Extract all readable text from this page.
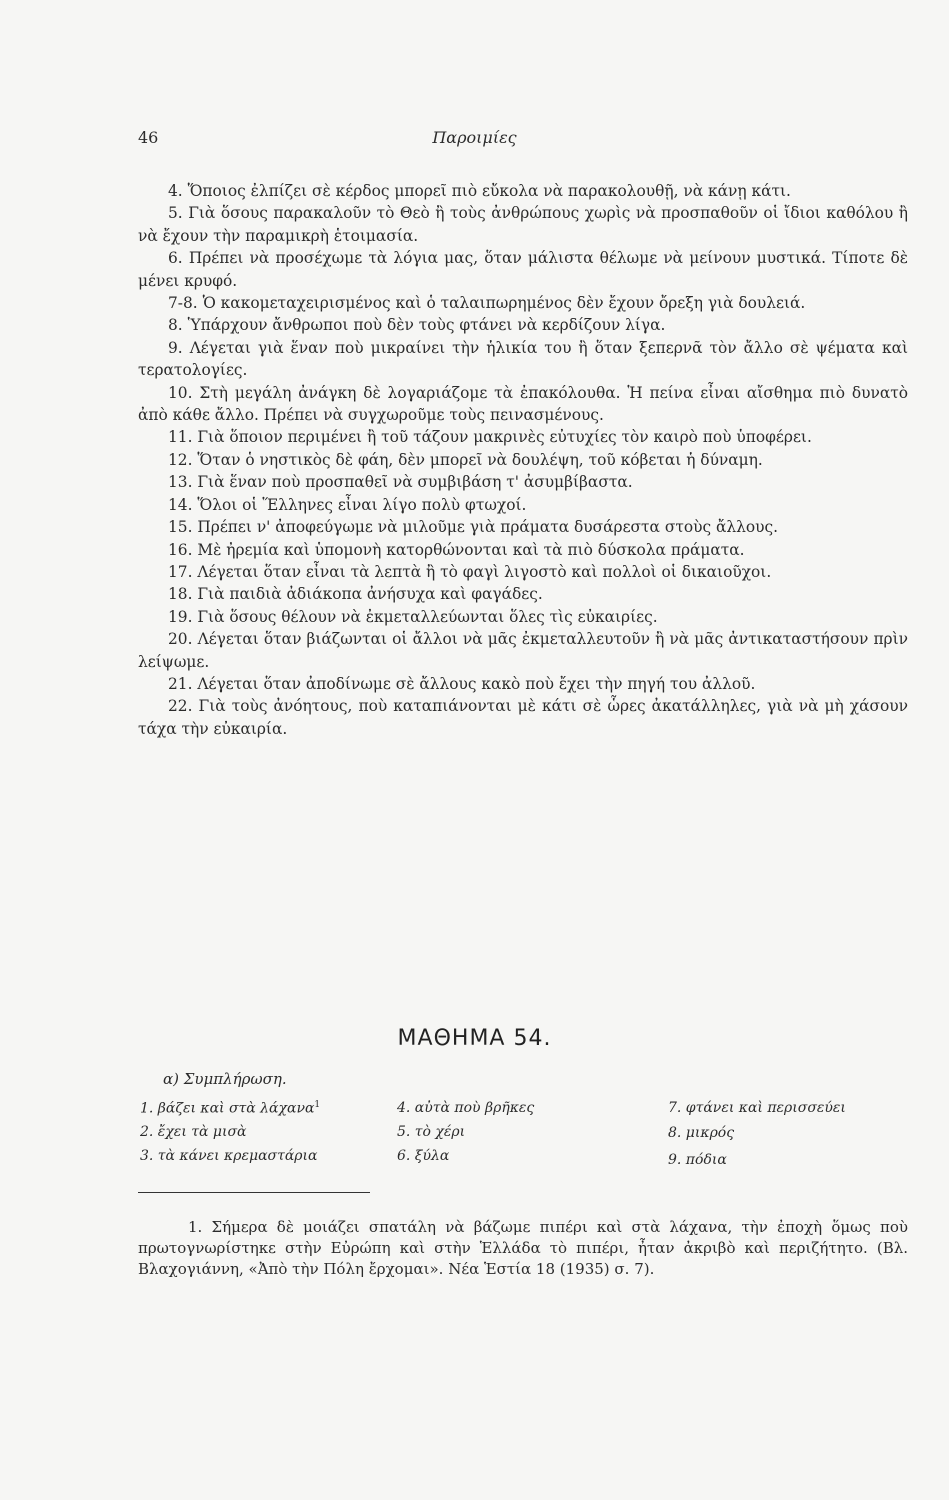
46	Παροιμίες

4. Ὅποιος ἐλπίζει σὲ κέρδος μπορεῖ πιὸ εὔκολα νὰ παρακολουθῇ, νὰ κάνῃ κάτι.

5. Γιὰ ὅσους παρακαλοῦν τὸ Θεὸ ἢ τοὺς ἀνθρώπους χωρὶς νὰ προσπαθοῦν οἱ ἴδιοι καθόλου ἢ νὰ ἔχουν τὴν παραμικρὴ ἑτοιμασία.

6. Πρέπει νὰ προσέχωμε τὰ λόγια μας, ὅταν μάλιστα θέλωμε νὰ μείνουν μυστικά. Τίποτε δὲ μένει κρυφό.

7-8. Ὁ κακομεταχειρισμένος καὶ ὁ ταλαιπωρημένος δὲν ἔχουν ὄρεξη γιὰ δουλειά.

8. Ὑπάρχουν ἄνθρωποι ποὺ δὲν τοὺς φτάνει νὰ κερδίζουν λίγα.

9. Λέγεται γιὰ ἕναν ποὺ μικραίνει τὴν ἡλικία του ἢ ὅταν ξεπερνᾶ τὸν ἄλλο σὲ ψέματα καὶ τερατολογίες.

10. Στὴ μεγάλη ἀνάγκη δὲ λογαριάζομε τὰ ἐπακόλουθα. Ἡ πείνα εἶναι αἴσθημα πιὸ δυνατὸ ἀπὸ κάθε ἄλλο. Πρέπει νὰ συγχωροῦμε τοὺς πεινασμένους.

11. Γιὰ ὅποιον περιμένει ἢ τοῦ τάζουν μακρινὲς εὐτυχίες τὸν καιρὸ ποὺ ὑποφέρει.

12. Ὅταν ὁ νηστικὸς δὲ φάη, δὲν μπορεῖ νὰ δουλέψη, τοῦ κόβεται ἡ δύναμη.

13. Γιὰ ἕναν ποὺ προσπαθεῖ νὰ συμβιβάση τ' ἀσυμβίβαστα.

14. Ὅλοι οἱ Ἕλληνες εἶναι λίγο πολὺ φτωχοί.

15. Πρέπει ν' ἀποφεύγωμε νὰ μιλοῦμε γιὰ πράματα δυσάρεστα στοὺς ἄλλους.

16. Μὲ ἠρεμία καὶ ὑπομονὴ κατορθώνονται καὶ τὰ πιὸ δύσκολα πράματα.

17. Λέγεται ὅταν εἶναι τὰ λεπτὰ ἢ τὸ φαγὶ λιγοστὸ καὶ πολλοὶ οἱ δικαιοῦχοι.

18. Γιὰ παιδιὰ ἀδιάκοπα ἀνήσυχα καὶ φαγάδες.

19. Γιὰ ὅσους θέλουν νὰ ἐκμεταλλεύωνται ὅλες τὶς εὐκαιρίες.

20. Λέγεται ὅταν βιάζωνται οἱ ἄλλοι νὰ μᾶς ἐκμεταλλευτοῦν ἢ νὰ μᾶς ἀντικαταστήσουν πρὶν λείψωμε.

21. Λέγεται ὅταν ἀποδίνωμε σὲ ἄλλους κακὸ ποὺ ἔχει τὴν πηγή του ἀλλοῦ.

22. Γιὰ τοὺς ἀνόητους, ποὺ καταπιάνονται μὲ κάτι σὲ ὧρες ἀκατάλληλες, γιὰ νὰ μὴ χάσουν τάχα τὴν εὐκαιρία.

ΜΑΘΗΜΑ 54.
α) Συμπλήρωση.
1. βάζει καὶ στὰ λάχανα$^1$	4. αὐτὰ ποὺ βρῆκες	7. φτάνει καὶ περισσεύει
2. ἔχει τὰ μισὰ	5. τὸ χέρι	8. μικρός
3. τὰ κάνει κρεμαστάρια	6. ξύλα	9. πόδια

1. Σήμερα δὲ μοιάζει σπατάλη νὰ βάζωμε πιπέρι καὶ στὰ λάχανα, τὴν ἐποχὴ ὅμως ποὺ πρωτογνωρίστηκε στὴν Εὐρώπη καὶ στὴν Ἑλλάδα τὸ πιπέρι, ἦταν ἀκριβὸ καὶ περιζήτητο. (Βλ. Βλαχογιάννη, «Ἀπὸ τὴν Πόλη ἔρχομαι». Νέα Ἑστία 18 (1935) σ. 7).
